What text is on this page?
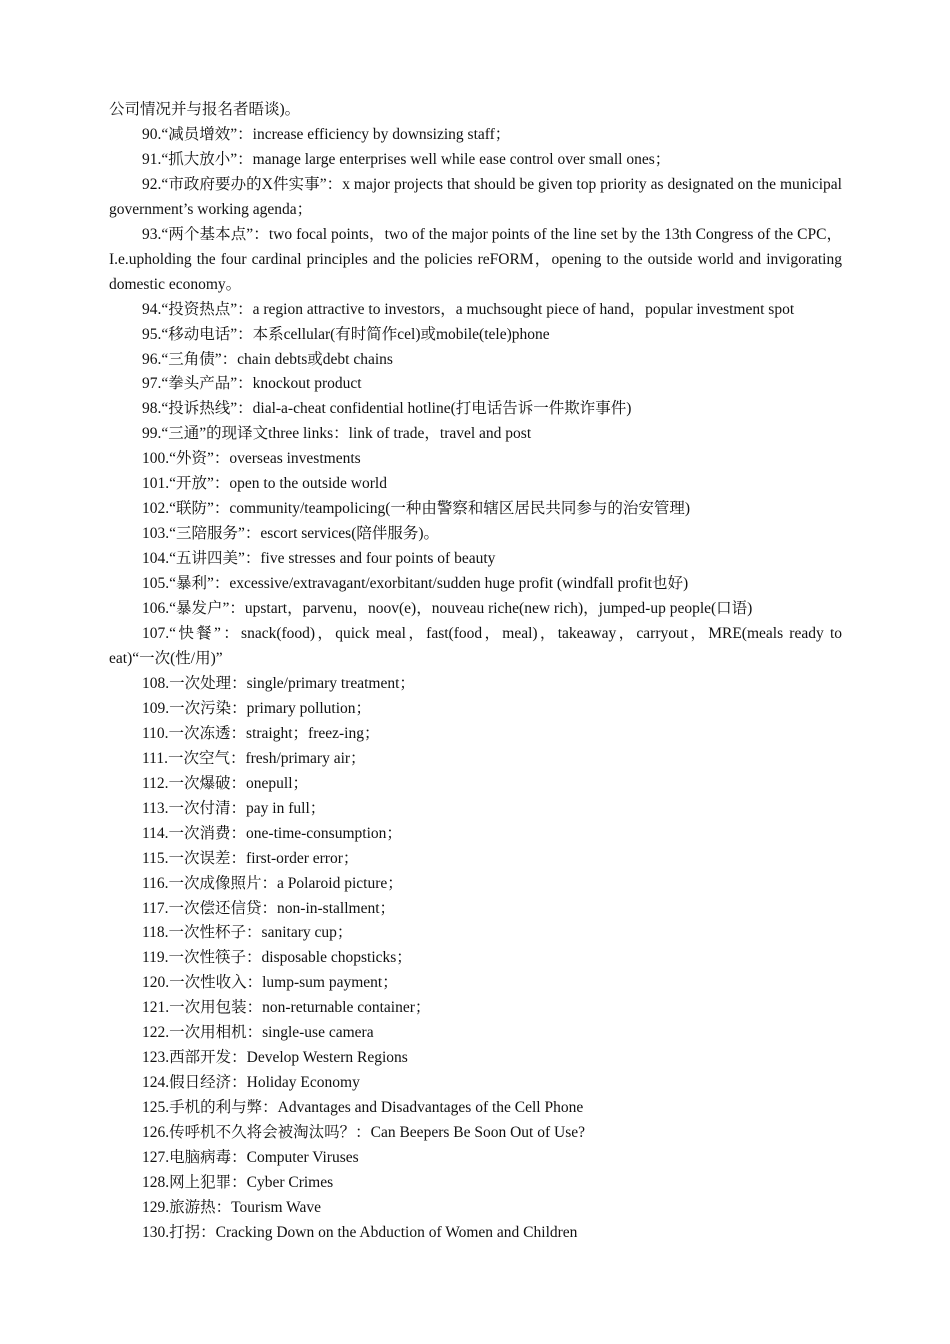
公司情况并与报名者晤谈)。

90.“减员增效”：increase efficiency by downsizing staff；

91.“抓大放小”：manage large enterprises well while ease control over small ones；

92.“市政府要办的X件实事”：x major projects that should be given top priority as designated on the municipal government’s working agenda；

93.“两个基本点”：two focal points，two of the major points of the line set by the 13th Congress of the CPC，I.e.upholding the four cardinal principles and the policies reFORM，opening to the outside world and invigorating domestic economy。

94.“投资热点”：a region attractive to investors，a muchsought piece of hand，popular investment spot

95.“移动电话”：本系cellular(有时简作cel)或mobile(tele)phone

96.“三角债”：chain debts或debt chains

97.“拳头产品”：knockout product

98.“投诉热线”：dial-a-cheat confidential hotline(打电话告诉一件欺诈事件)

99.“三通”的现译文three links：link of trade，travel and post

100.“外资”：overseas investments

101.“开放”：open to the outside world

102.“联防”：community/teampolicing(一种由警察和辖区居民共同参与的治安管理)

103.“三陪服务”：escort services(陪伴服务)。

104.“五讲四美”：five stresses and four points of beauty

105.“暴利”：excessive/extravagant/exorbitant/sudden huge profit (windfall profit也好)

106.“暴发户”：upstart，parvenu，noov(e)，nouveau riche(new rich)，jumped-up people(口语)

107.“快餐”：snack(food)，quick meal，fast(food，meal)，takeaway，carryout，MRE(meals ready to eat)“一次(性/用)”

108.一次处理：single/primary treatment；

109.一次污染：primary pollution；

110.一次冻透：straight；freez-ing；

111.一次空气：fresh/primary air；

112.一次爆破：onepull；

113.一次付清：pay in full；

114.一次消费：one-time-consumption；

115.一次误差：first-order error；

116.一次成像照片：a Polaroid picture；

117.一次偿还信贷：non-in-stallment；

118.一次性杯子：sanitary cup；

119.一次性筷子：disposable chopsticks；

120.一次性收入：lump-sum payment；

121.一次用包装：non-returnable container；

122.一次用相机：single-use camera

123.西部开发：Develop Western Regions

124.假日经济：Holiday Economy

125.手机的利与弊：Advantages and Disadvantages of the Cell Phone

126.传呼机不久将会被淘汰吗？：Can Beepers Be Soon Out of Use?

127.电脑病毒：Computer Viruses

128.网上犯罪：Cyber Crimes

129.旅游热：Tourism Wave

130.打拐：Cracking Down on the Abduction of Women and Children
